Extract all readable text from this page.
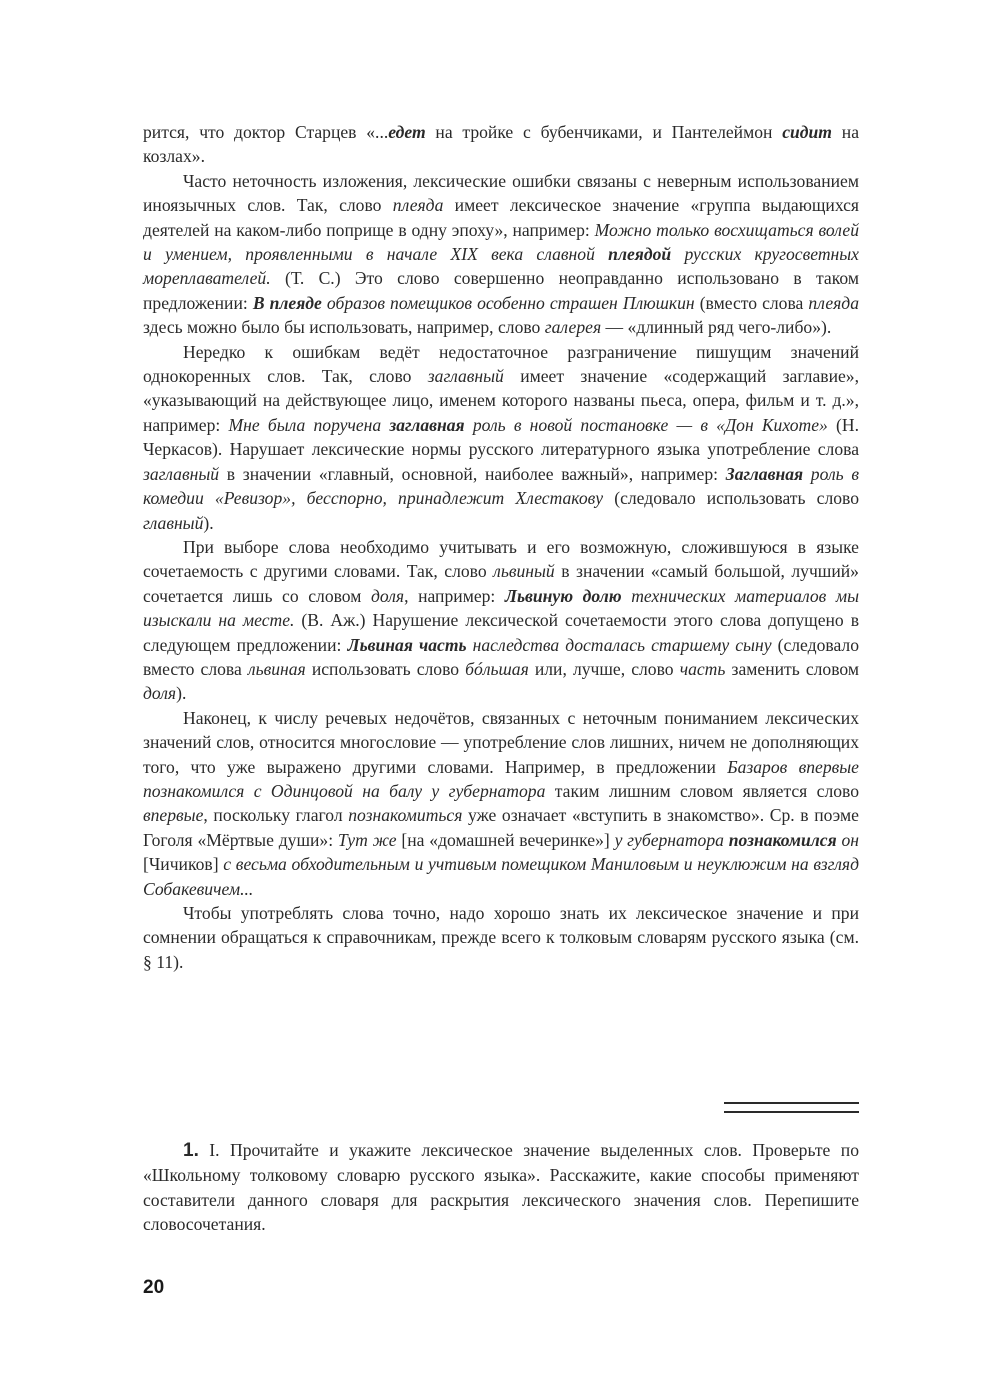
рится, что доктор Старцев «...едет на тройке с бубенчиками, и Пантелеймон сидит на козлах».

Часто неточность изложения, лексические ошибки связаны с неверным использованием иноязычных слов. Так, слово плеяда имеет лексическое значение «группа выдающихся деятелей на каком-либо поприще в одну эпоху», например: Можно только восхищаться волей и умением, проявленными в начале XIX века славной плеядой русских кругосветных мореплавателей. (Т. С.) Это слово совершенно неоправданно использовано в таком предложении: В плеяде образов помещиков особенно страшен Плюшкин (вместо слова плеяда здесь можно было бы использовать, например, слово галерея — «длинный ряд чего-либо»).

Нередко к ошибкам ведёт недостаточное разграничение пишущим значений однокоренных слов. Так, слово заглавный имеет значение «содержащий заглавие», «указывающий на действующее лицо, именем которого названы пьеса, опера, фильм и т. д.», например: Мне была поручена заглавная роль в новой постановке — в «Дон Кихоте» (Н. Черкасов). Нарушает лексические нормы русского литературного языка употребление слова заглавный в значении «главный, основной, наиболее важный», например: Заглавная роль в комедии «Ревизор», бесспорно, принадлежит Хлестакову (следовало использовать слово главный).

При выборе слова необходимо учитывать и его возможную, сложившуюся в языке сочетаемость с другими словами. Так, слово львиный в значении «самый большой, лучший» сочетается лишь со словом доля, например: Львиную долю технических материалов мы изыскали на месте. (В. Аж.) Нарушение лексической сочетаемости этого слова допущено в следующем предложении: Львиная часть наследства досталась старшему сыну (следовало вместо слова львиная использовать слово бóльшая или, лучше, слово часть заменить словом доля).

Наконец, к числу речевых недочётов, связанных с неточным пониманием лексических значений слов, относится многословие — употребление слов лишних, ничем не дополняющих того, что уже выражено другими словами. Например, в предложении Базаров впервые познакомился с Одинцовой на балу у губернатора таким лишним словом является слово впервые, поскольку глагол познакомиться уже означает «вступить в знакомство». Ср. в поэме Гоголя «Мёртвые души»: Тут же [на «домашней вечеринке»] у губернатора познакомился он [Чичиков] с весьма обходительным и учтивым помещиком Маниловым и неуклюжим на взгляд Собакевичем...

Чтобы употреблять слова точно, надо хорошо знать их лексическое значение и при сомнении обращаться к справочникам, прежде всего к толковым словарям русского языка (см. § 11).

1. I. Прочитайте и укажите лексическое значение выделенных слов. Проверьте по «Школьному толковому словарю русского языка». Расскажите, какие способы применяют составители данного словаря для раскрытия лексического значения слов. Перепишите словосочетания.

20
